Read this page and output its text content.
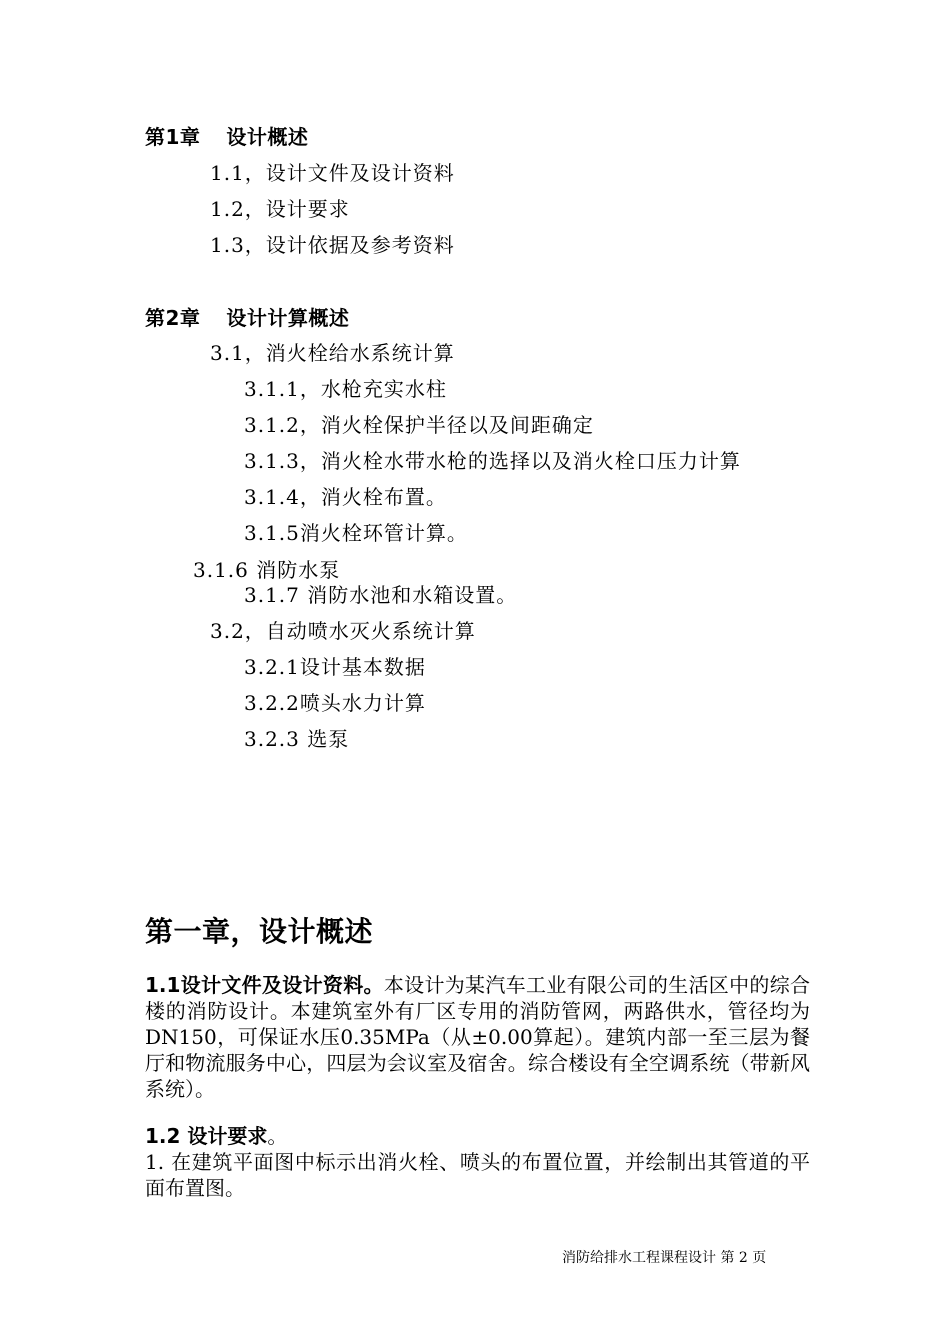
第1章 设计概述
1.1，设计文件及设计资料
1.2，设计要求
1.3，设计依据及参考资料
第2章 设计计算概述
3.1，消火栓给水系统计算
3.1.1，水枪充实水柱
3.1.2，消火栓保护半径以及间距确定
3.1.3，消火栓水带水枪的选择以及消火栓口压力计算
3.1.4，消火栓布置。
3.1.5消火栓环管计算。
3.1.6 消防水泵
3.1.7 消防水池和水箱设置。
3.2，自动喷水灭火系统计算
3.2.1设计基本数据
3.2.2喷头水力计算
3.2.3 选泵
第一章，设计概述
1.1设计文件及设计资料。本设计为某汽车工业有限公司的生活区中的综合楼的消防设计。本建筑室外有厂区专用的消防管网，两路供水，管径均为DN150，可保证水压0.35MPa（从±0.00算起）。建筑内部一至三层为餐厅和物流服务中心，四层为会议室及宿舍。综合楼设有全空调系统（带新风系统）。
1.2 设计要求。
1. 在建筑平面图中标示出消火栓、喷头的布置位置，并绘制出其管道的平面布置图。
消防给排水工程课程设计 第 2 页
